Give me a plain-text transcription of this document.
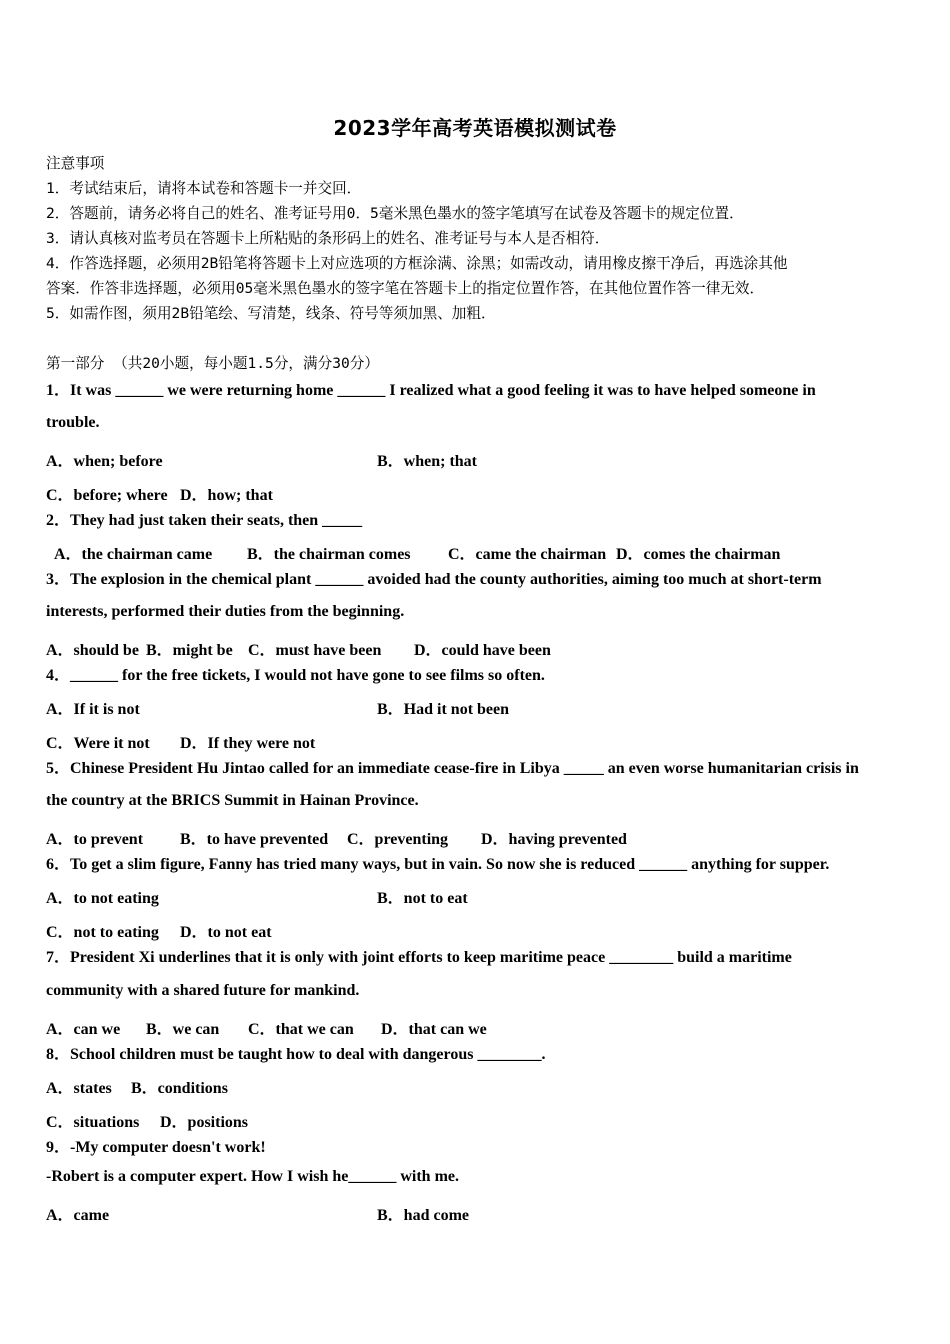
2023学年高考英语模拟测试卷
注意事项
1．考试结束后，请将本试卷和答题卡一并交回．
2．答题前，请务必将自己的姓名、准考证号用0．5毫米黑色墨水的签字笔填写在试卷及答题卡的规定位置．
3．请认真核对监考员在答题卡上所粘贴的条形码上的姓名、准考证号与本人是否相符．
4．作答选择题，必须用2B铅笔将答题卡上对应选项的方框涂满、涂黑；如需改动，请用橡皮擦干净后，再选涂其他
答案．作答非选择题，必须用05毫米黑色墨水的签字笔在答题卡上的指定位置作答，在其他位置作答一律无效．
5．如需作图，须用2B铅笔绘、写清楚，线条、符号等须加黑、加粗．
第一部分 （共20小题，每小题1.5分，满分30分）
1．It was ______ we were returning home ______ I realized what a good feeling it was to have helped someone in
trouble.
A．when; before	B．when; that
C．before; where D．how; that
2．They had just taken their seats, then _____
A．the chairman came B．the chairman comes C．came the chairman D．comes the chairman
3．The explosion in the chemical plant ______ avoided had the county authorities, aiming too much at short-term
interests, performed their duties from the beginning.
A．should be B．might be C．must have been D．could have been
4．______ for the free tickets, I would not have gone to see films so often.
A．If it is not	B．Had it not been
C．Were it not D．If they were not
5．Chinese President Hu Jintao called for an immediate cease-fire in Libya _____ an even worse humanitarian crisis in
the country at the BRICS Summit in Hainan Province.
A．to prevent B．to have prevented C．preventing D．having prevented
6．To get a slim figure, Fanny has tried many ways, but in vain. So now she is reduced ______ anything for supper.
A．to not eating	B．not to eat
C．not to eating D．to not eat
7．President Xi underlines that it is only with joint efforts to keep maritime peace ________ build a maritime
community with a shared future for mankind.
A．can we B．we can C．that we can D．that can we
8．School children must be taught how to deal with dangerous ________.
A．states B．conditions
C．situations D．positions
9．-My computer doesn't work!
-Robert is a computer expert. How I wish he______ with me.
A．came	B．had come
